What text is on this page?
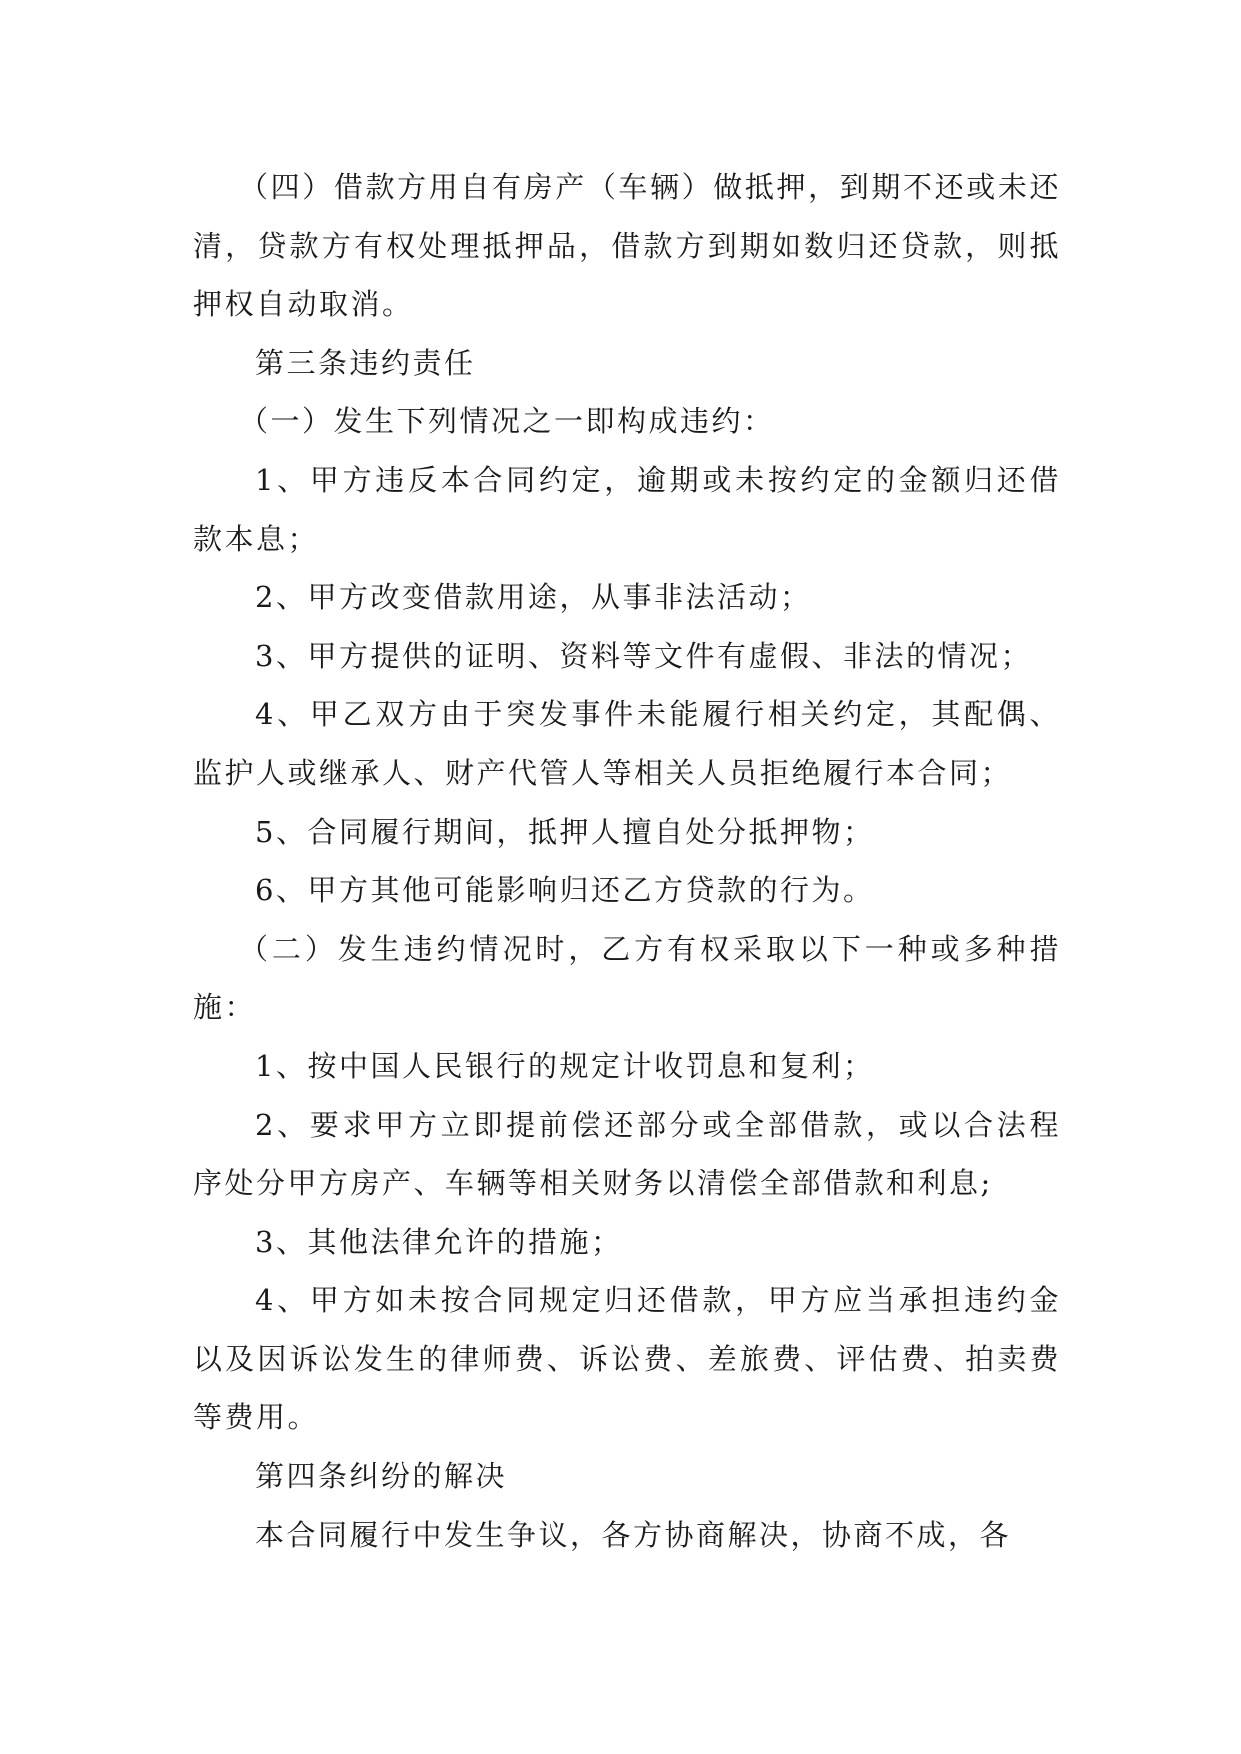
（四）借款方用自有房产（车辆）做抵押，到期不还或未还清，贷款方有权处理抵押品，借款方到期如数归还贷款，则抵押权自动取消。

第三条违约责任

（一）发生下列情况之一即构成违约：

1、甲方违反本合同约定，逾期或未按约定的金额归还借款本息；

2、甲方改变借款用途，从事非法活动；

3、甲方提供的证明、资料等文件有虚假、非法的情况；

4、甲乙双方由于突发事件未能履行相关约定，其配偶、监护人或继承人、财产代管人等相关人员拒绝履行本合同；

5、合同履行期间，抵押人擅自处分抵押物；

6、甲方其他可能影响归还乙方贷款的行为。

（二）发生违约情况时，乙方有权采取以下一种或多种措施：

1、按中国人民银行的规定计收罚息和复利；

2、要求甲方立即提前偿还部分或全部借款，或以合法程序处分甲方房产、车辆等相关财务以清偿全部借款和利息;

3、其他法律允许的措施；

4、甲方如未按合同规定归还借款，甲方应当承担违约金以及因诉讼发生的律师费、诉讼费、差旅费、评估费、拍卖费等费用。

第四条纠纷的解决

本合同履行中发生争议，各方协商解决，协商不成，各
